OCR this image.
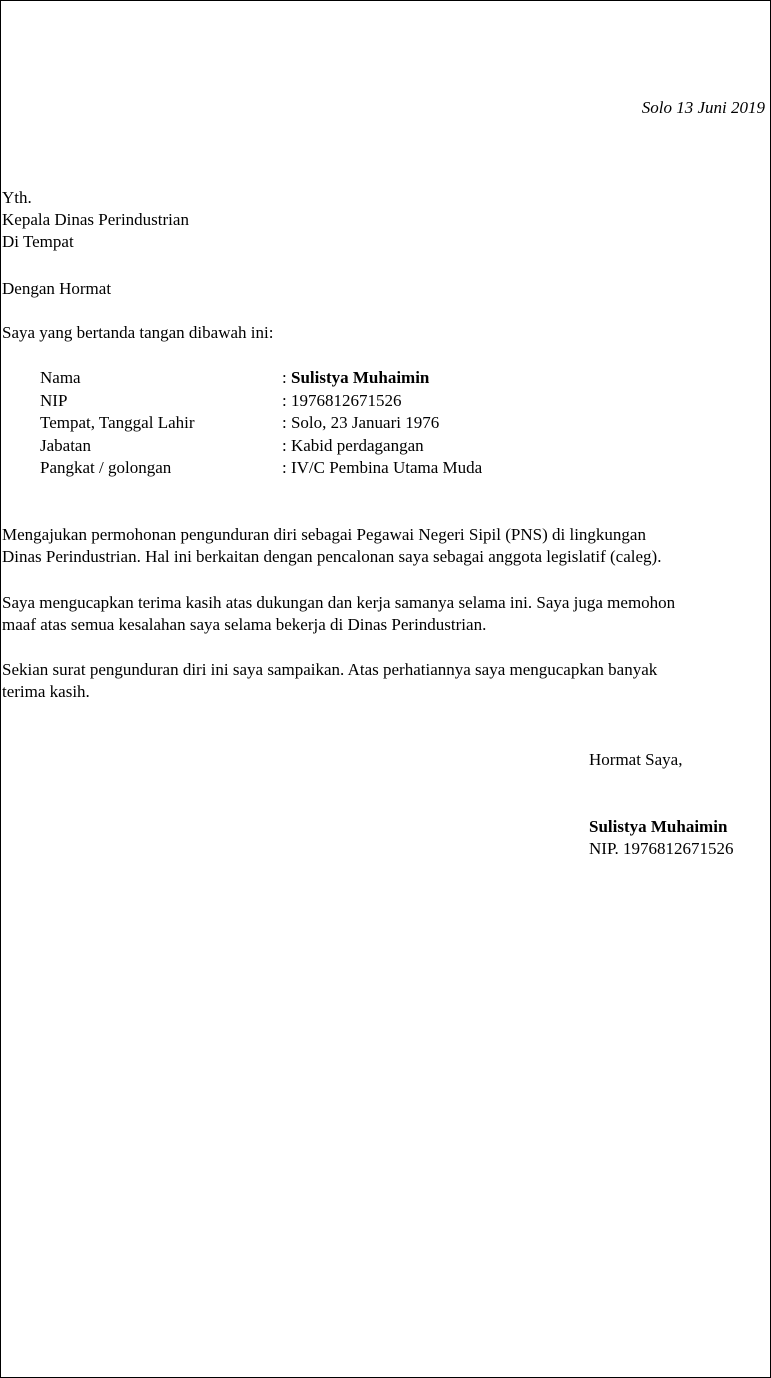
Solo 13 Juni 2019
Yth.
Kepala Dinas Perindustrian
Di Tempat
Dengan Hormat
Saya yang bertanda tangan dibawah ini:
Nama	: Sulistya Muhaimin
NIP	: 1976812671526
Tempat, Tanggal Lahir	: Solo, 23 Januari 1976
Jabatan	: Kabid perdagangan
Pangkat / golongan	: IV/C Pembina Utama Muda
Mengajukan permohonan pengunduran diri sebagai Pegawai Negeri Sipil (PNS) di lingkungan
Dinas Perindustrian. Hal ini berkaitan dengan pencalonan saya sebagai anggota legislatif (caleg).
Saya mengucapkan terima kasih atas dukungan dan kerja samanya selama ini. Saya juga memohon
maaf atas semua kesalahan saya selama bekerja di Dinas Perindustrian.
Sekian surat pengunduran diri ini saya sampaikan. Atas perhatiannya saya mengucapkan banyak
terima kasih.
Hormat Saya,
Sulistya Muhaimin
NIP. 1976812671526
